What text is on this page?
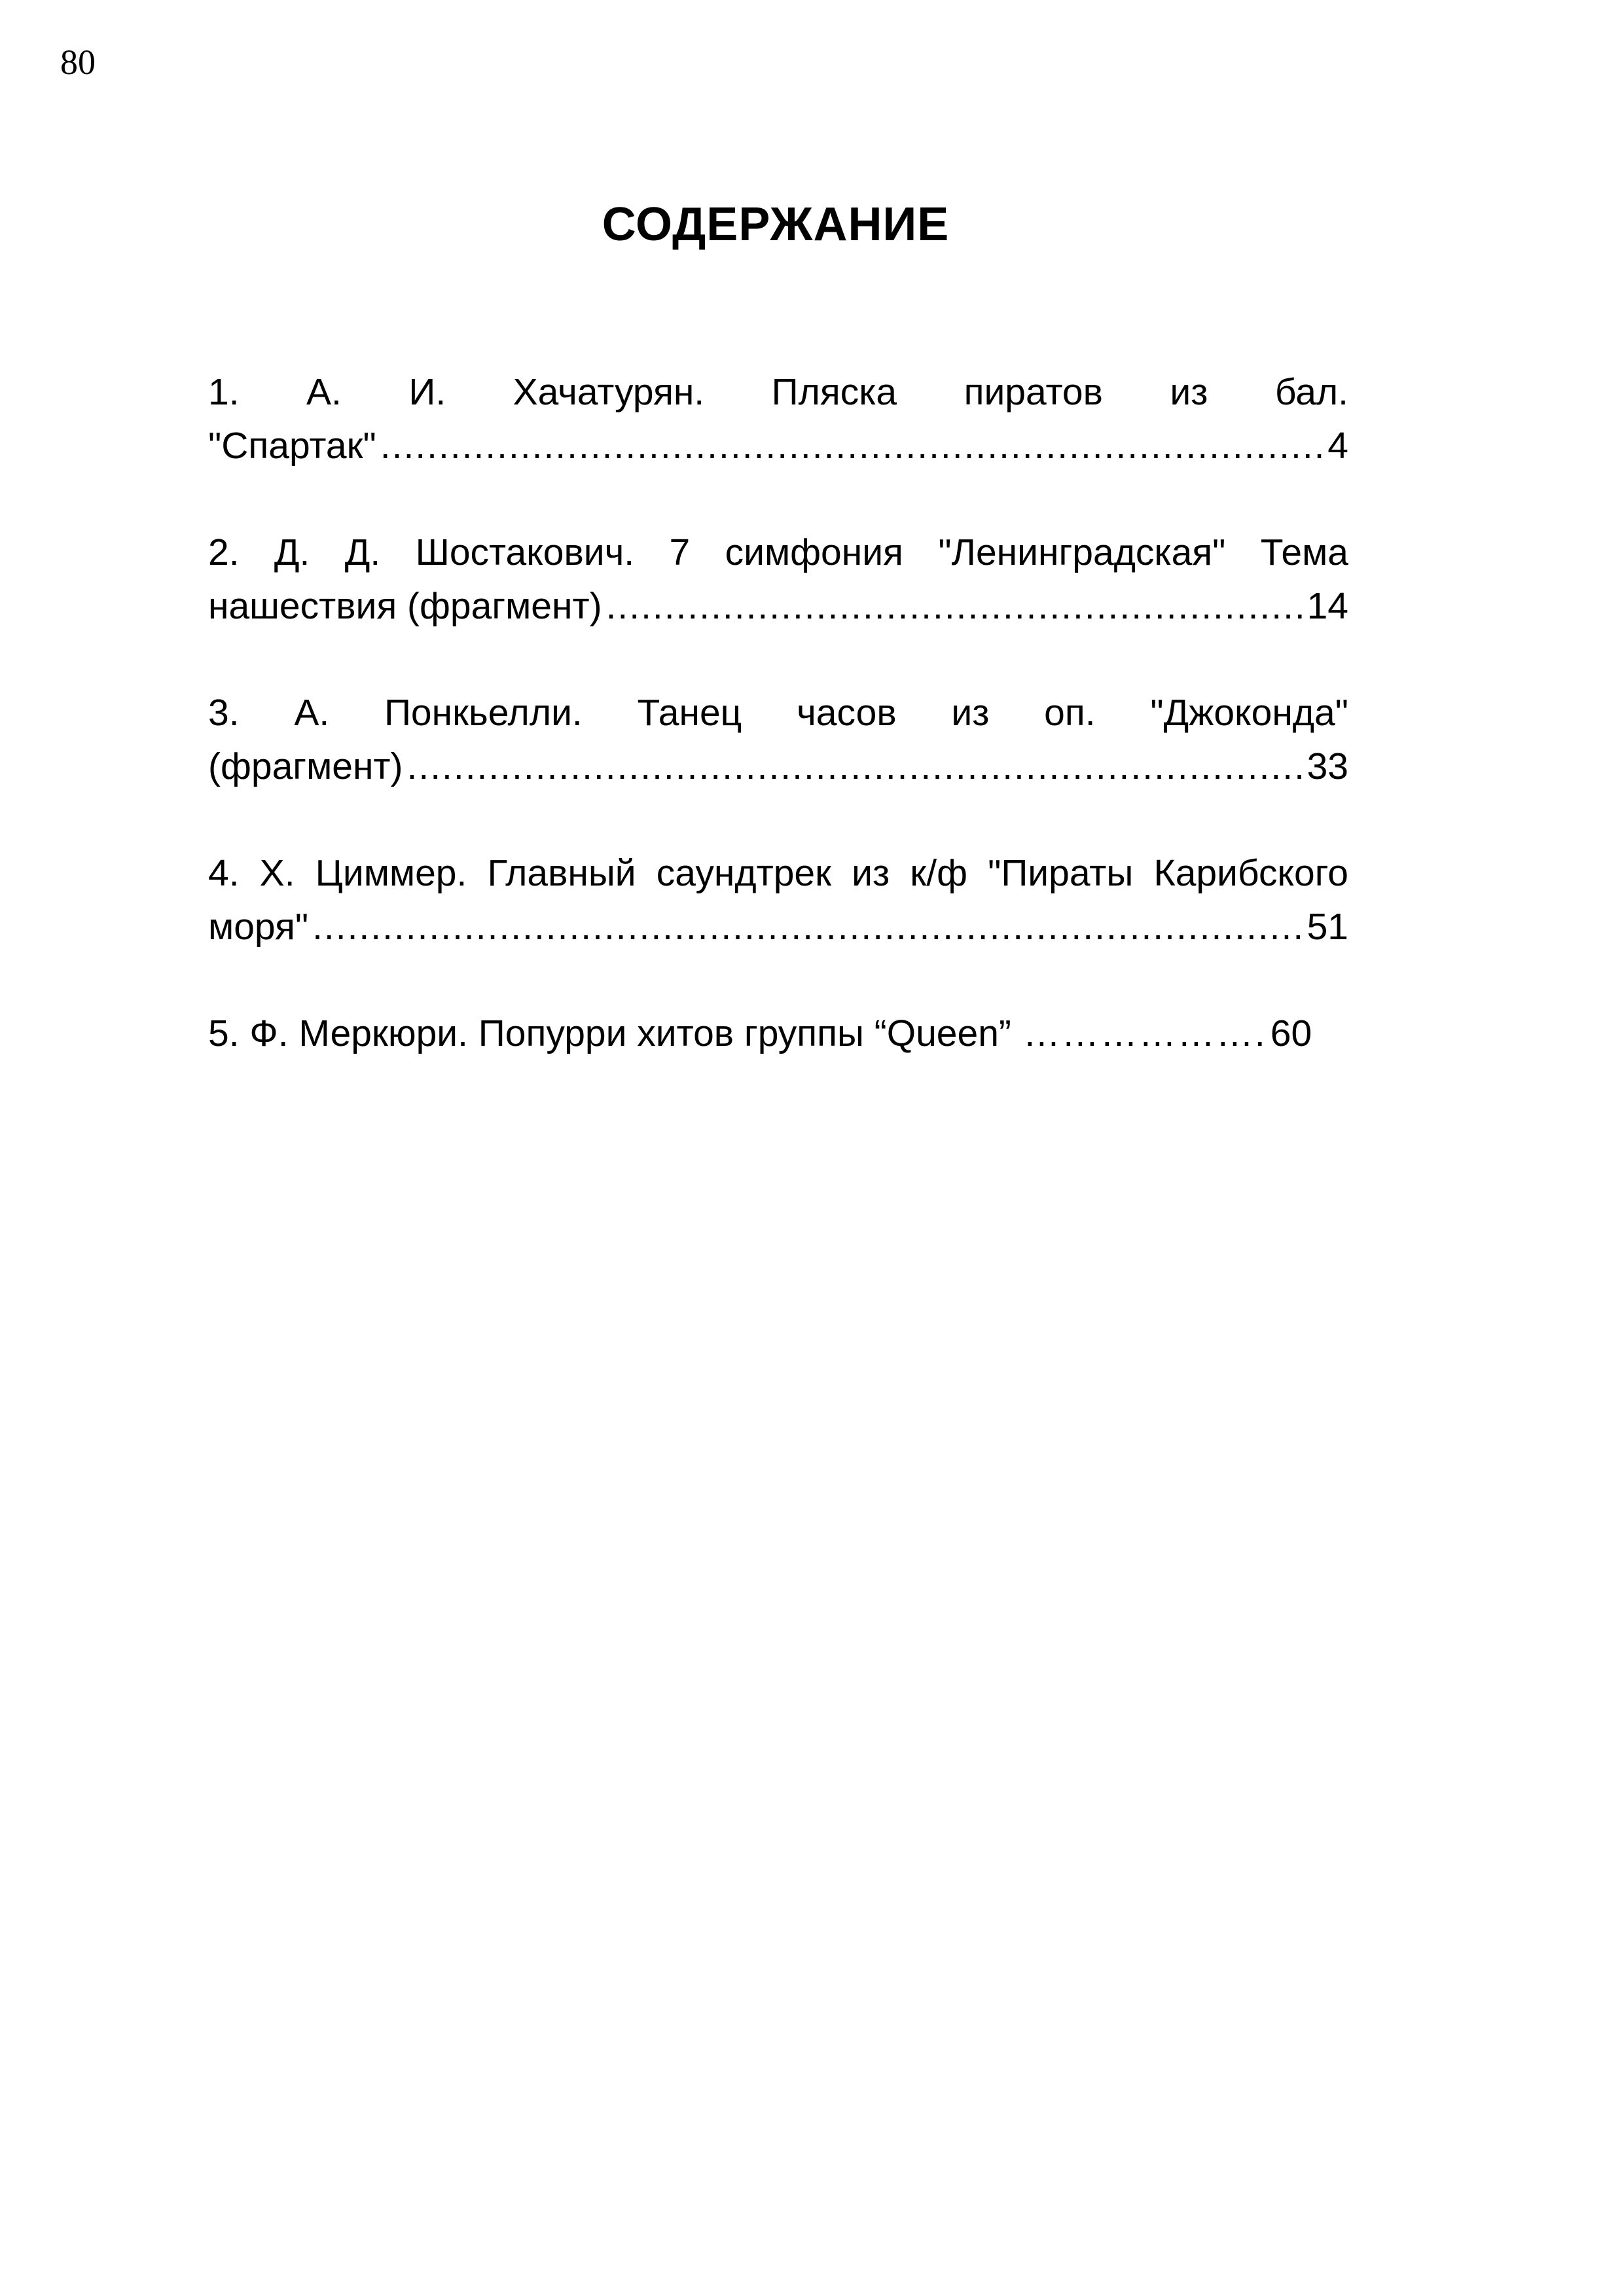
80
СОДЕРЖАНИЕ
1. А. И. Хачатурян. Пляска пиратов из бал.
"Спартак" .....	4
2. Д. Д. Шостакович. 7 симфония "Ленинградская" Тема
нашествия (фрагмент) .....	14
3. А. Понкьелли. Танец часов из оп. "Джоконда"
(фрагмент) .....	33
4. Х. Циммер. Главный саундтрек из к/ф "Пираты Карибского
моря" .....	51
5. Ф. Меркюри. Попурри хитов группы “Queen” ………………. 60
